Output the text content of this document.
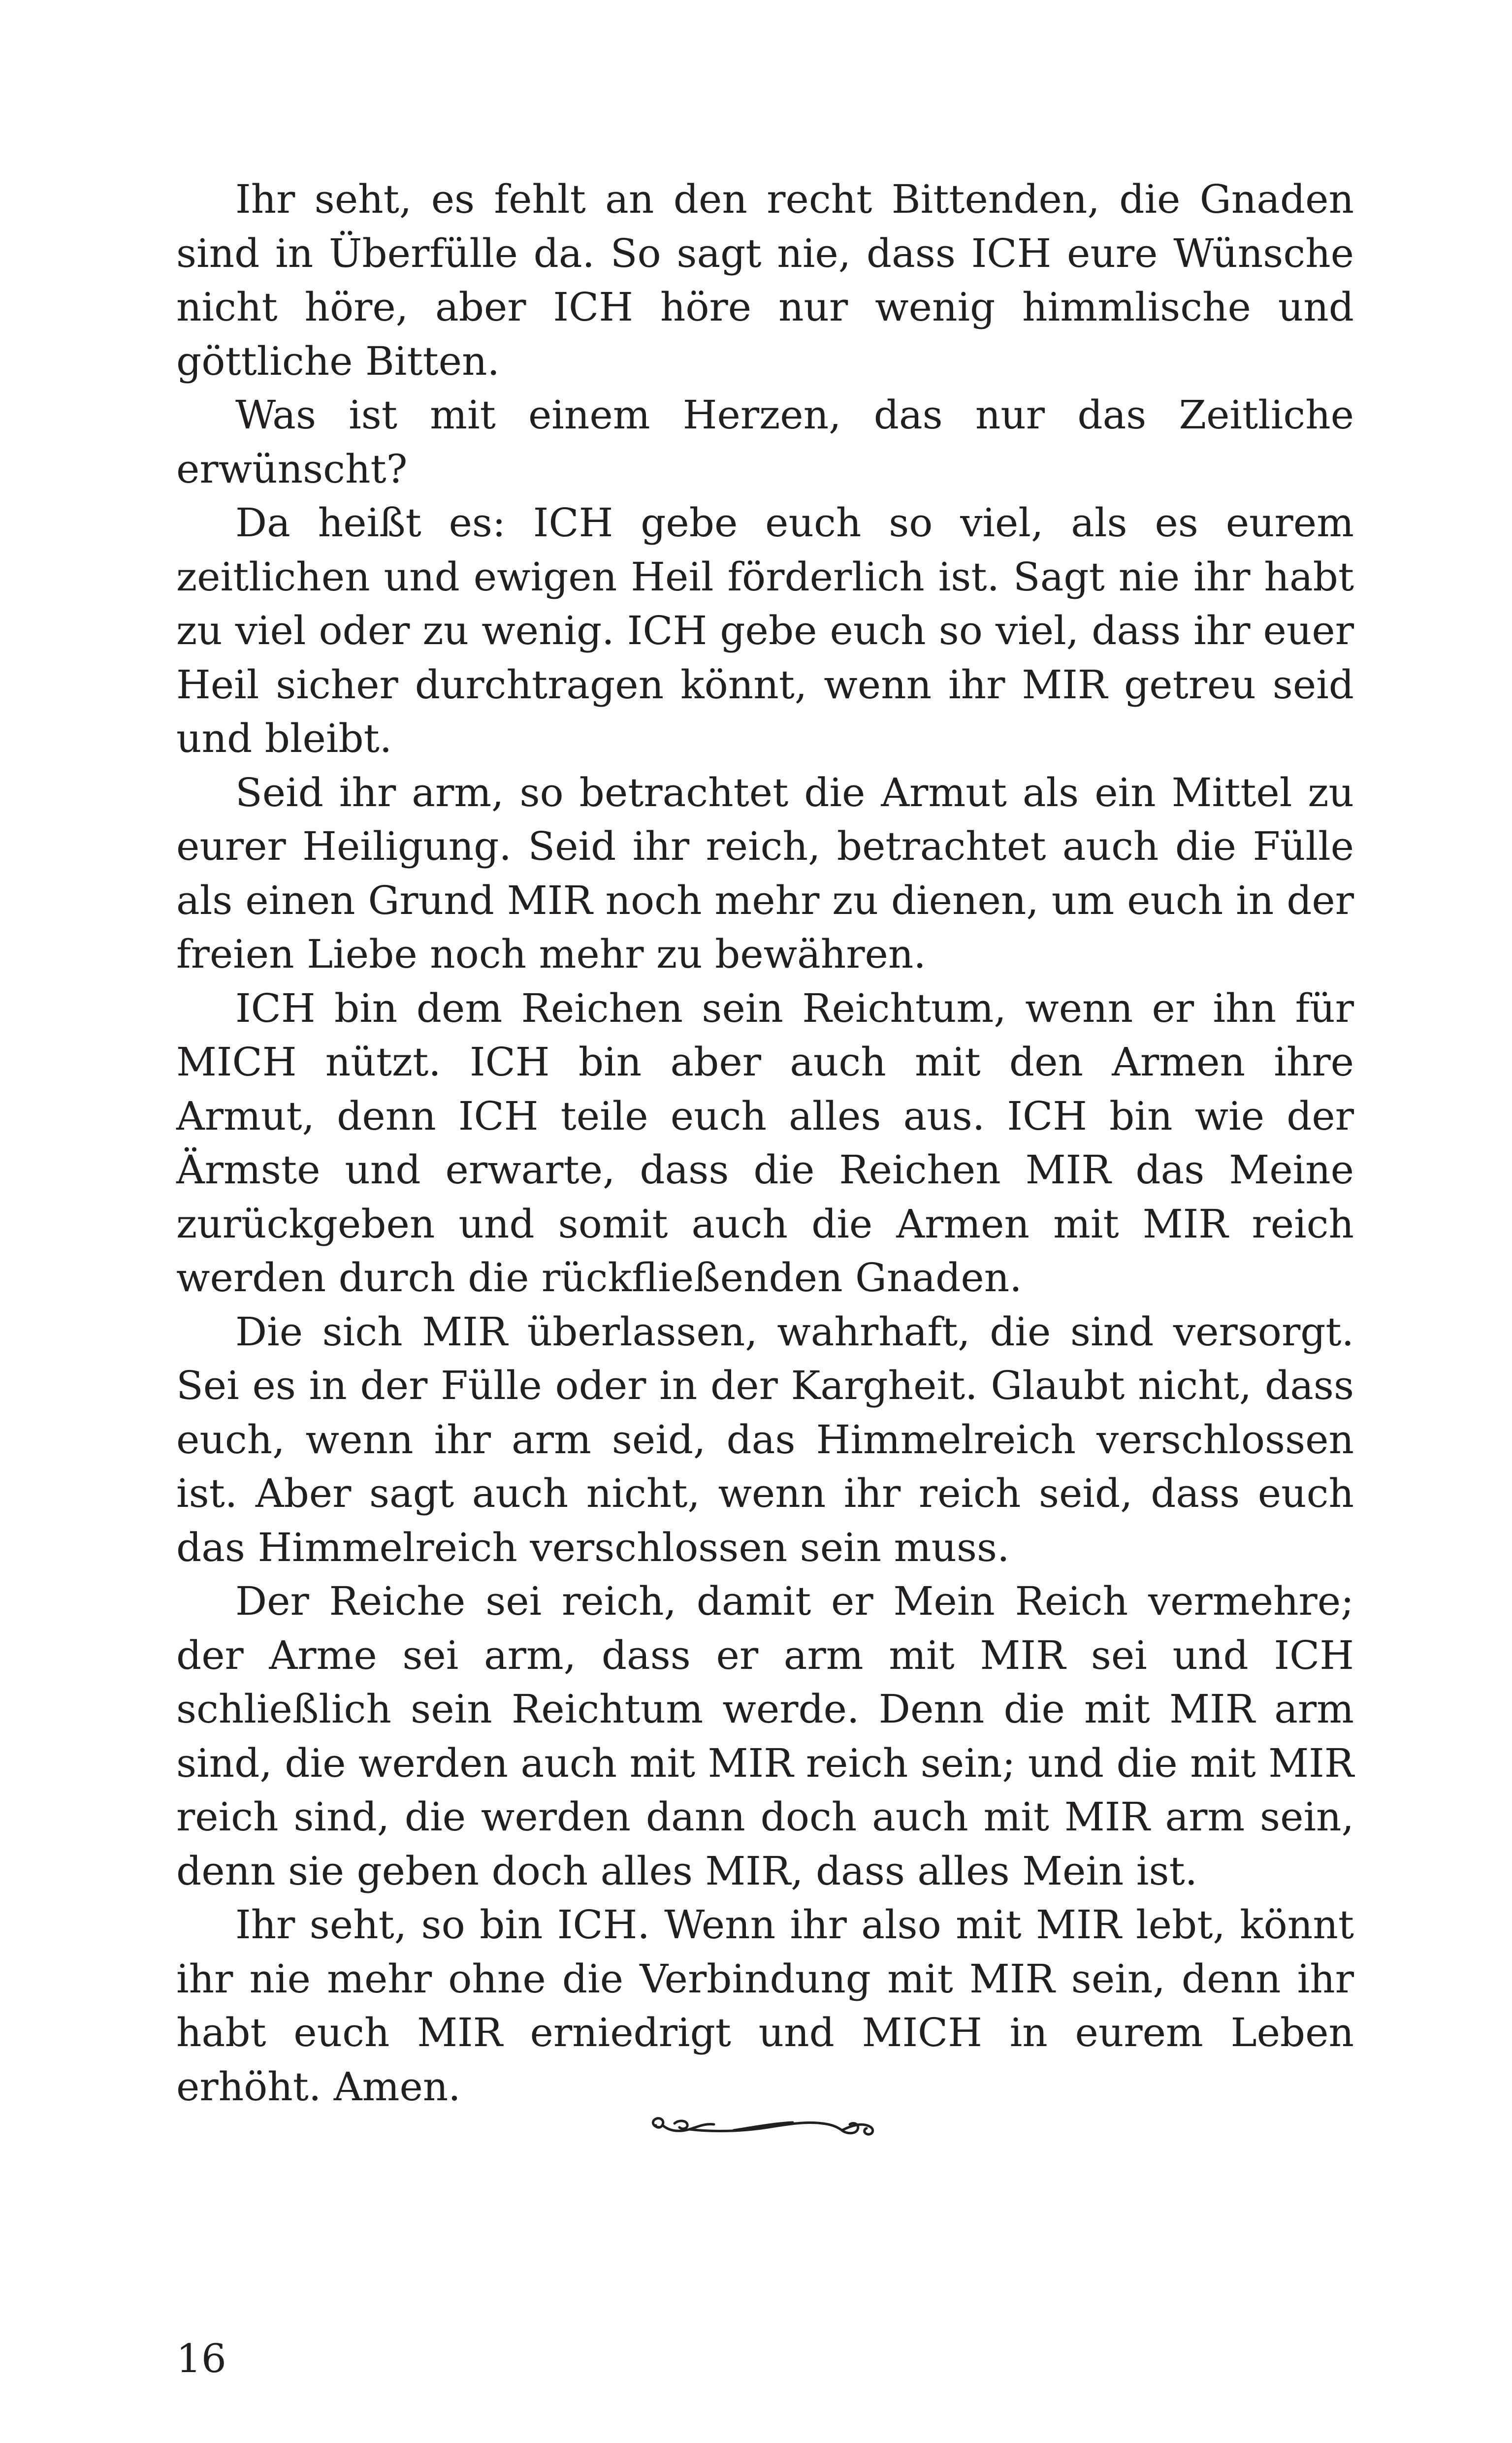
Ihr seht, es fehlt an den recht Bittenden, die Gnaden sind in Überfülle da. So sagt nie, dass ICH eure Wünsche nicht höre, aber ICH höre nur wenig himmlische und göttliche Bitten.

Was ist mit einem Herzen, das nur das Zeitliche erwünscht?

Da heißt es: ICH gebe euch so viel, als es eurem zeitlichen und ewigen Heil förderlich ist. Sagt nie ihr habt zu viel oder zu wenig. ICH gebe euch so viel, dass ihr euer Heil sicher durchtragen könnt, wenn ihr MIR getreu seid und bleibt.

Seid ihr arm, so betrachtet die Armut als ein Mittel zu eurer Heiligung. Seid ihr reich, betrachtet auch die Fülle als einen Grund MIR noch mehr zu dienen, um euch in der freien Liebe noch mehr zu bewähren.

ICH bin dem Reichen sein Reichtum, wenn er ihn für MICH nützt. ICH bin aber auch mit den Armen ihre Armut, denn ICH teile euch alles aus. ICH bin wie der Ärmste und erwarte, dass die Reichen MIR das Meine zurückgeben und somit auch die Armen mit MIR reich werden durch die rückfließenden Gnaden.

Die sich MIR überlassen, wahrhaft, die sind versorgt. Sei es in der Fülle oder in der Kargheit. Glaubt nicht, dass euch, wenn ihr arm seid, das Himmelreich verschlossen ist. Aber sagt auch nicht, wenn ihr reich seid, dass euch das Himmelreich verschlossen sein muss.

Der Reiche sei reich, damit er Mein Reich vermehre; der Arme sei arm, dass er arm mit MIR sei und ICH schließlich sein Reichtum werde. Denn die mit MIR arm sind, die werden auch mit MIR reich sein; und die mit MIR reich sind, die werden dann doch auch mit MIR arm sein, denn sie geben doch alles MIR, dass alles Mein ist.

Ihr seht, so bin ICH. Wenn ihr also mit MIR lebt, könnt ihr nie mehr ohne die Verbindung mit MIR sein, denn ihr habt euch MIR erniedrigt und MICH in eurem Leben erhöht. Amen.

16
